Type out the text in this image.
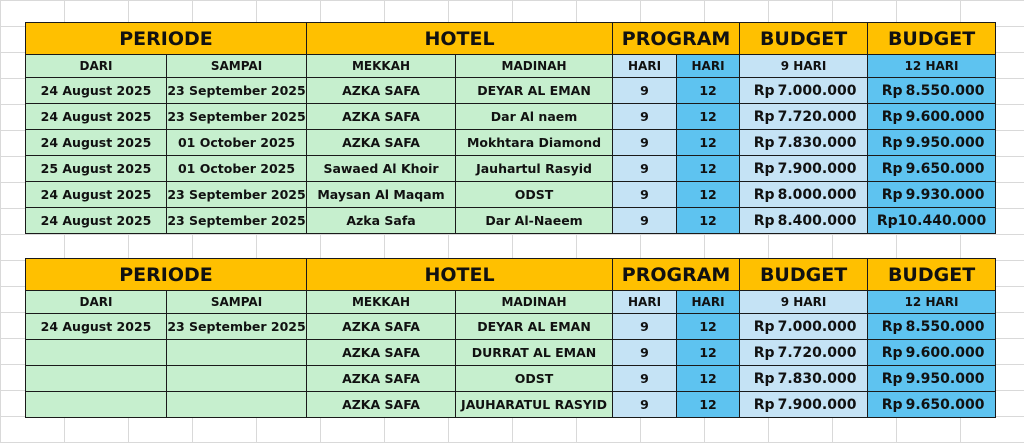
PERIODE		HOTEL		PROGRAM		BUDGET	BUDGET
DARI	SAMPAI	MEKKAH	MADINAH	HARI	HARI	9 HARI	12 HARI
24 August 2025	23 September 2025	AZKA SAFA	DEYAR AL EMAN	9	12	Rp 7.000.000	Rp 8.550.000
24 August 2025	23 September 2025	AZKA SAFA	Dar Al naem	9	12	Rp 7.720.000	Rp 9.600.000
24 August 2025	01 October 2025	AZKA SAFA	Mokhtara Diamond	9	12	Rp 7.830.000	Rp 9.950.000
25 August 2025	01 October 2025	Sawaed Al Khoir	Jauhartul Rasyid	9	12	Rp 7.900.000	Rp 9.650.000
24 August 2025	23 September 2025	Maysan Al Maqam	ODST	9	12	Rp 8.000.000	Rp 9.930.000
24 August 2025	23 September 2025	Azka Safa	Dar Al-Naeem	9	12	Rp 8.400.000	Rp10.440.000
PERIODE		HOTEL		PROGRAM		BUDGET	BUDGET
DARI	SAMPAI	MEKKAH	MADINAH	HARI	HARI	9 HARI	12 HARI
24 August 2025	23 September 2025	AZKA SAFA	DEYAR AL EMAN	9	12	Rp 7.000.000	Rp 8.550.000
		AZKA SAFA	DURRAT AL EMAN	9	12	Rp 7.720.000	Rp 9.600.000
		AZKA SAFA	ODST	9	12	Rp 7.830.000	Rp 9.950.000
		AZKA SAFA	JAUHARATUL RASYID	9	12	Rp 7.900.000	Rp 9.650.000
